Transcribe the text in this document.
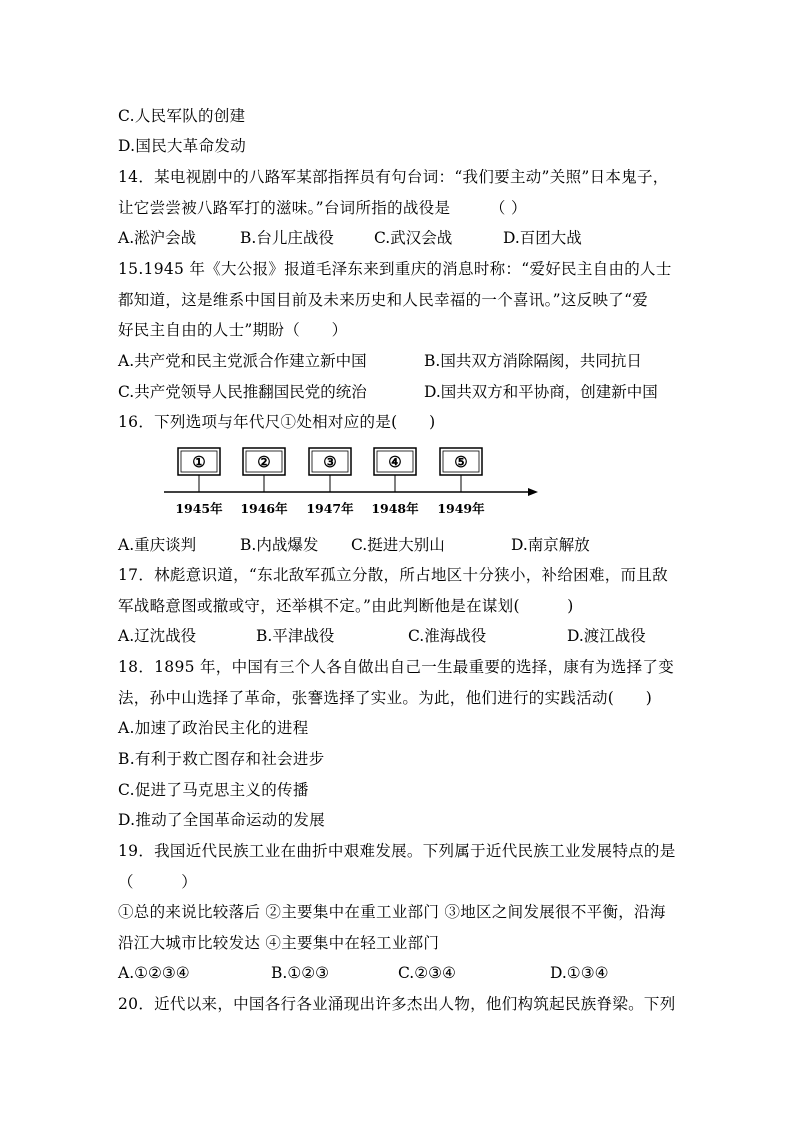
C.人民军队的创建
D.国民大革命发动
14．某电视剧中的八路军某部指挥员有句台词：“我们要主动”关照”日本鬼子，
让它尝尝被八路军打的滋味。”台词所指的战役是　　　（ ）
A.淞沪会战	B.台儿庄战役	C.武汉会战	D.百团大战
15.1945 年《大公报》报道毛泽东来到重庆的消息时称：“爱好民主自由的人士
都知道，这是维系中国目前及未来历史和人民幸福的一个喜讯。”这反映了“爱
好民主自由的人士”期盼（　　）
A.共产党和民主党派合作建立新中国	B.国共双方消除隔阂，共同抗日
C.共产党领导人民推翻国民党的统治	D.国共双方和平协商，创建新中国
16．下列选项与年代尺①处相对应的是(　　)
①	②	③	④	⑤
1945年 1946年 1947年 1948年 1949年
A.重庆谈判	B.内战爆发 C.挺进大别山	D.南京解放
17．林彪意识道，“东北敌军孤立分散，所占地区十分狭小，补给困难，而且敌
军战略意图或撤或守，还举棋不定。”由此判断他是在谋划(　　　)
A.辽沈战役	B.平津战役	C.淮海战役	D.渡江战役
18．1895 年，中国有三个人各自做出自己一生最重要的选择，康有为选择了变
法，孙中山选择了革命，张謇选择了实业。为此，他们进行的实践活动(　　)
A.加速了政治民主化的进程
B.有利于救亡图存和社会进步
C.促进了马克思主义的传播
D.推动了全国革命运动的发展
19．我国近代民族工业在曲折中艰难发展。下列属于近代民族工业发展特点的是
（　　　）
①总的来说比较落后 ②主要集中在重工业部门 ③地区之间发展很不平衡，沿海
沿江大城市比较发达 ④主要集中在轻工业部门
A.①②③④	B.①②③	C.②③④	D.①③④
20．近代以来，中国各行各业涌现出许多杰出人物，他们构筑起民族脊梁。下列
